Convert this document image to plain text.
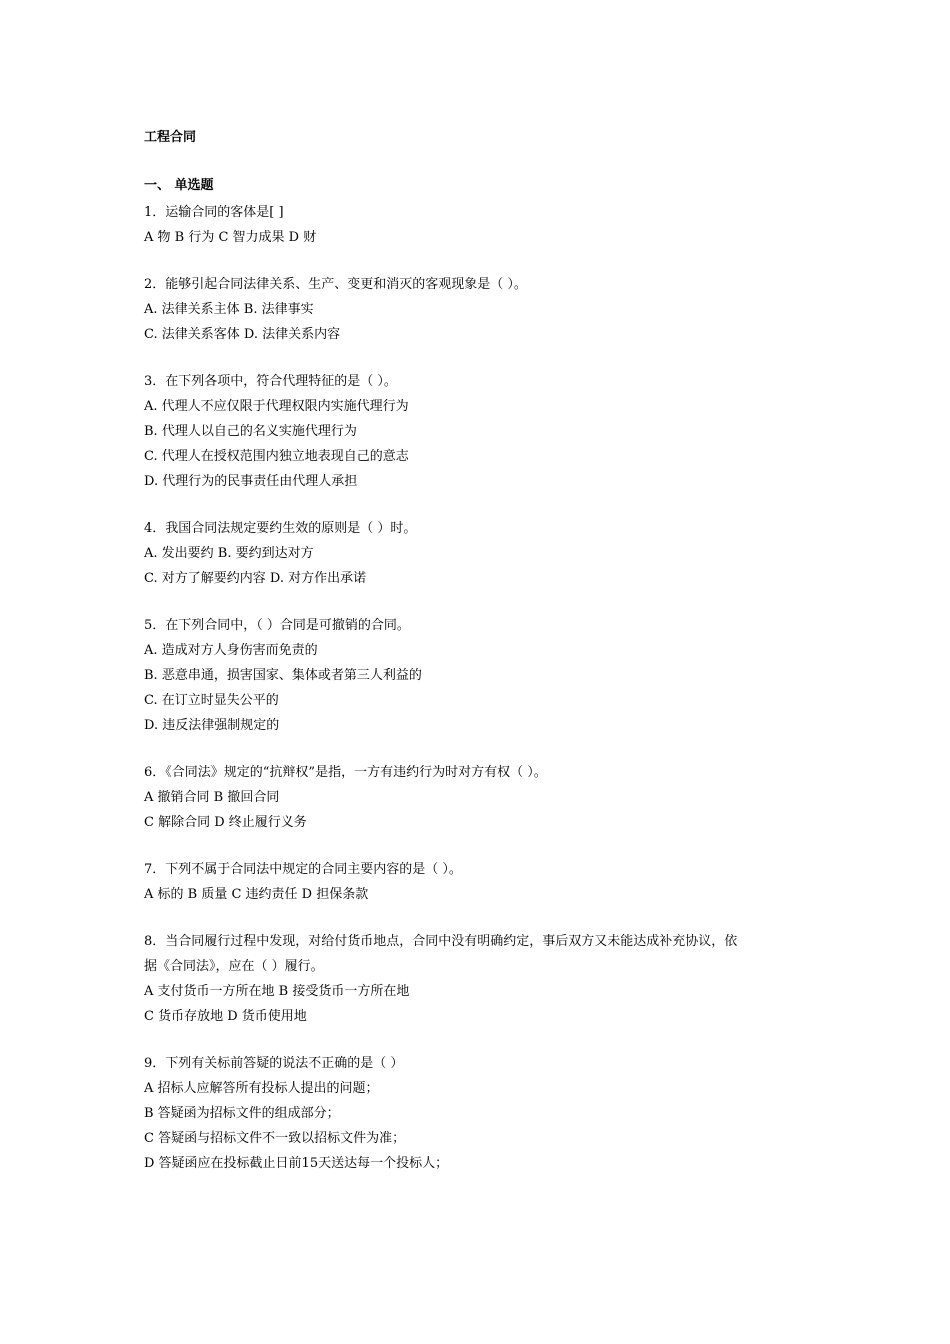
工程合同
一、 单选题
1．运输合同的客体是[ ]
A 物 B 行为 C 智力成果 D 财
2．能够引起合同法律关系、生产、变更和消灭的客观现象是（ ）。
A. 法律关系主体 B. 法律事实
C. 法律关系客体 D. 法律关系内容
3．在下列各项中，符合代理特征的是（ ）。
A. 代理人不应仅限于代理权限内实施代理行为
B. 代理人以自己的名义实施代理行为
C. 代理人在授权范围内独立地表现自己的意志
D. 代理行为的民事责任由代理人承担
4．我国合同法规定要约生效的原则是（ ）时。
A. 发出要约 B. 要约到达对方
C. 对方了解要约内容 D. 对方作出承诺
5．在下列合同中，（ ）合同是可撤销的合同。
A. 造成对方人身伤害而免责的
B. 恶意串通，损害国家、集体或者第三人利益的
C. 在订立时显失公平的
D. 违反法律强制规定的
6．《合同法》规定的“抗辩权”是指，一方有违约行为时对方有权（ ）。
A 撤销合同 B 撤回合同
C 解除合同 D 终止履行义务
7．下列不属于合同法中规定的合同主要内容的是（ ）。
A 标的 B 质量 C 违约责任 D 担保条款
8．当合同履行过程中发现，对给付货币地点，合同中没有明确约定，事后双方又未能达成补充协议，依
据《合同法》，应在（ ）履行。
A 支付货币一方所在地 B 接受货币一方所在地
C 货币存放地 D 货币使用地
9．下列有关标前答疑的说法不正确的是（ ）
A 招标人应解答所有投标人提出的问题；
B 答疑函为招标文件的组成部分；
C 答疑函与招标文件不一致以招标文件为准；
D 答疑函应在投标截止日前15天送达每一个投标人；
